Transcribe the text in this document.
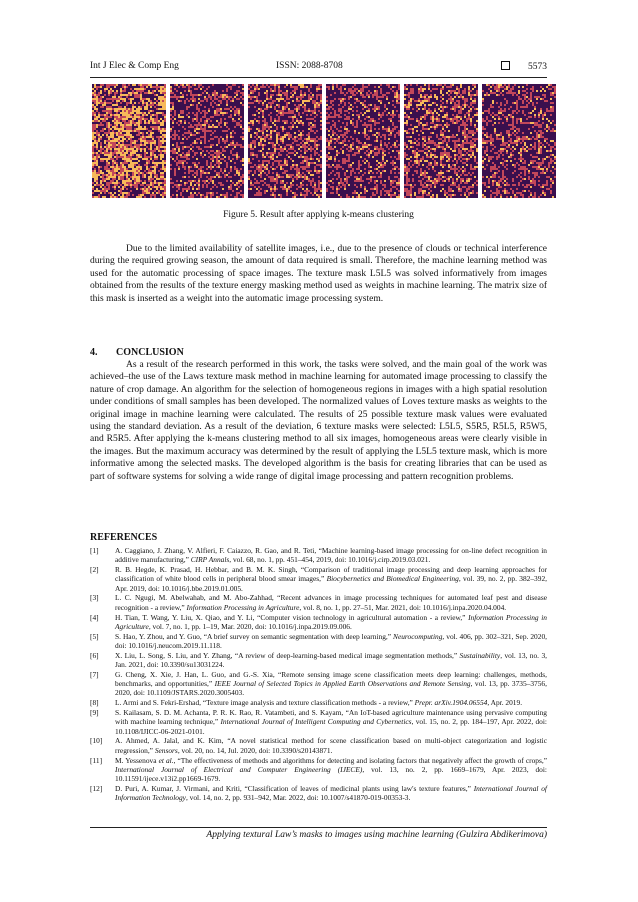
Int J Elec & Comp Eng	ISSN: 2088-8708	5573
Figure 5. Result after applying k-means clustering

Due to the limited availability of satellite images, i.e., due to the presence of clouds or technical interference during the required growing season, the amount of data required is small. Therefore, the machine learning method was used for the automatic processing of space images. The texture mask L5L5 was solved informatively from images obtained from the results of the texture energy masking method used as weights in machine learning. The matrix size of this mask is inserted as a weight into the automatic image processing system.

4. CONCLUSION

As a result of the research performed in this work, the tasks were solved, and the main goal of the work was achieved–the use of the Laws texture mask method in machine learning for automated image processing to classify the nature of crop damage. An algorithm for the selection of homogeneous regions in images with a high spatial resolution under conditions of small samples has been developed. The normalized values of Loves texture masks as weights to the original image in machine learning were calculated. The results of 25 possible texture mask values were evaluated using the standard deviation. As a result of the deviation, 6 texture masks were selected: L5L5, S5R5, R5L5, R5W5, and R5R5. After applying the k-means clustering method to all six images, homogeneous areas were clearly visible in the images. But the maximum accuracy was determined by the result of applying the L5L5 texture mask, which is more informative among the selected masks. The developed algorithm is the basis for creating libraries that can be used as part of software systems for solving a wide range of digital image processing and pattern recognition problems.

REFERENCES
[1] A. Caggiano, J. Zhang, V. Alfieri, F. Caiazzo, R. Gao, and R. Teti, “Machine learning-based image processing for on-line defect recognition in additive manufacturing,” CIRP Annals, vol. 68, no. 1, pp. 451–454, 2019, doi: 10.1016/j.cirp.2019.03.021.
[2] R. B. Hegde, K. Prasad, H. Hebbar, and B. M. K. Singh, “Comparison of traditional image processing and deep learning approaches for classification of white blood cells in peripheral blood smear images,” Biocybernetics and Biomedical Engineering, vol. 39, no. 2, pp. 382–392, Apr. 2019, doi: 10.1016/j.bbe.2019.01.005.
[3] L. C. Ngugi, M. Abelwahab, and M. Abo-Zahhad, “Recent advances in image processing techniques for automated leaf pest and disease recognition - a review,” Information Processing in Agriculture, vol. 8, no. 1, pp. 27–51, Mar. 2021, doi: 10.1016/j.inpa.2020.04.004.
[4] H. Tian, T. Wang, Y. Liu, X. Qiao, and Y. Li, “Computer vision technology in agricultural automation - a review,” Information Processing in Agriculture, vol. 7, no. 1, pp. 1–19, Mar. 2020, doi: 10.1016/j.inpa.2019.09.006.
[5] S. Hao, Y. Zhou, and Y. Guo, “A brief survey on semantic segmentation with deep learning,” Neurocomputing, vol. 406, pp. 302–321, Sep. 2020, doi: 10.1016/j.neucom.2019.11.118.
[6] X. Liu, L. Song, S. Liu, and Y. Zhang, “A review of deep-learning-based medical image segmentation methods,” Sustainability, vol. 13, no. 3, Jan. 2021, doi: 10.3390/su13031224.
[7] G. Cheng, X. Xie, J. Han, L. Guo, and G.-S. Xia, “Remote sensing image scene classification meets deep learning: challenges, methods, benchmarks, and opportunities,” IEEE Journal of Selected Topics in Applied Earth Observations and Remote Sensing, vol. 13, pp. 3735–3756, 2020, doi: 10.1109/JSTARS.2020.3005403.
[8] L. Armi and S. Fekri-Ershad, “Texture image analysis and texture classification methods - a review,” Prepr. arXiv.1904.06554, Apr. 2019.
[9] S. Kailasam, S. D. M. Achanta, P. R. K. Rao, R. Vatambeti, and S. Kayam, “An IoT-based agriculture maintenance using pervasive computing with machine learning technique,” International Journal of Intelligent Computing and Cybernetics, vol. 15, no. 2, pp. 184–197, Apr. 2022, doi: 10.1108/IJICC-06-2021-0101.
[10] A. Ahmed, A. Jalal, and K. Kim, “A novel statistical method for scene classification based on multi-object categorization and logistic rregression,” Sensors, vol. 20, no. 14, Jul. 2020, doi: 10.3390/s20143871.
[11] M. Yessenova et al., “The effectiveness of methods and algorithms for detecting and isolating factors that negatively affect the growth of crops,” International Journal of Electrical and Computer Engineering (IJECE), vol. 13, no. 2, pp. 1669–1679, Apr. 2023, doi: 10.11591/ijece.v13i2.pp1669-1679.
[12] D. Puri, A. Kumar, J. Virmani, and Kriti, “Classification of leaves of medicinal plants using law's texture features,” International Journal of Information Technology, vol. 14, no. 2, pp. 931–942, Mar. 2022, doi: 10.1007/s41870-019-00353-3.
Applying textural Law’s masks to images using machine learning (Gulzira Abdikerimova)
